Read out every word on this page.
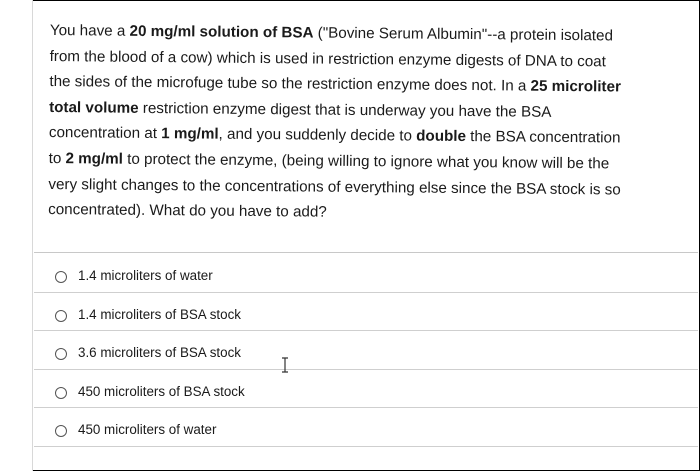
You have a 20 mg/ml solution of BSA ("Bovine Serum Albumin"--a protein isolated
from the blood of a cow) which is used in restriction enzyme digests of DNA to coat
the sides of the microfuge tube so the restriction enzyme does not. In a 25 microliter
total volume restriction enzyme digest that is underway you have the BSA
concentration at 1 mg/ml, and you suddenly decide to double the BSA concentration
to 2 mg/ml to protect the enzyme, (being willing to ignore what you know will be the
very slight changes to the concentrations of everything else since the BSA stock is so
concentrated). What do you have to add?
1.4 microliters of water
1.4 microliters of BSA stock
3.6 microliters of BSA stock
450 microliters of BSA stock
450 microliters of water
